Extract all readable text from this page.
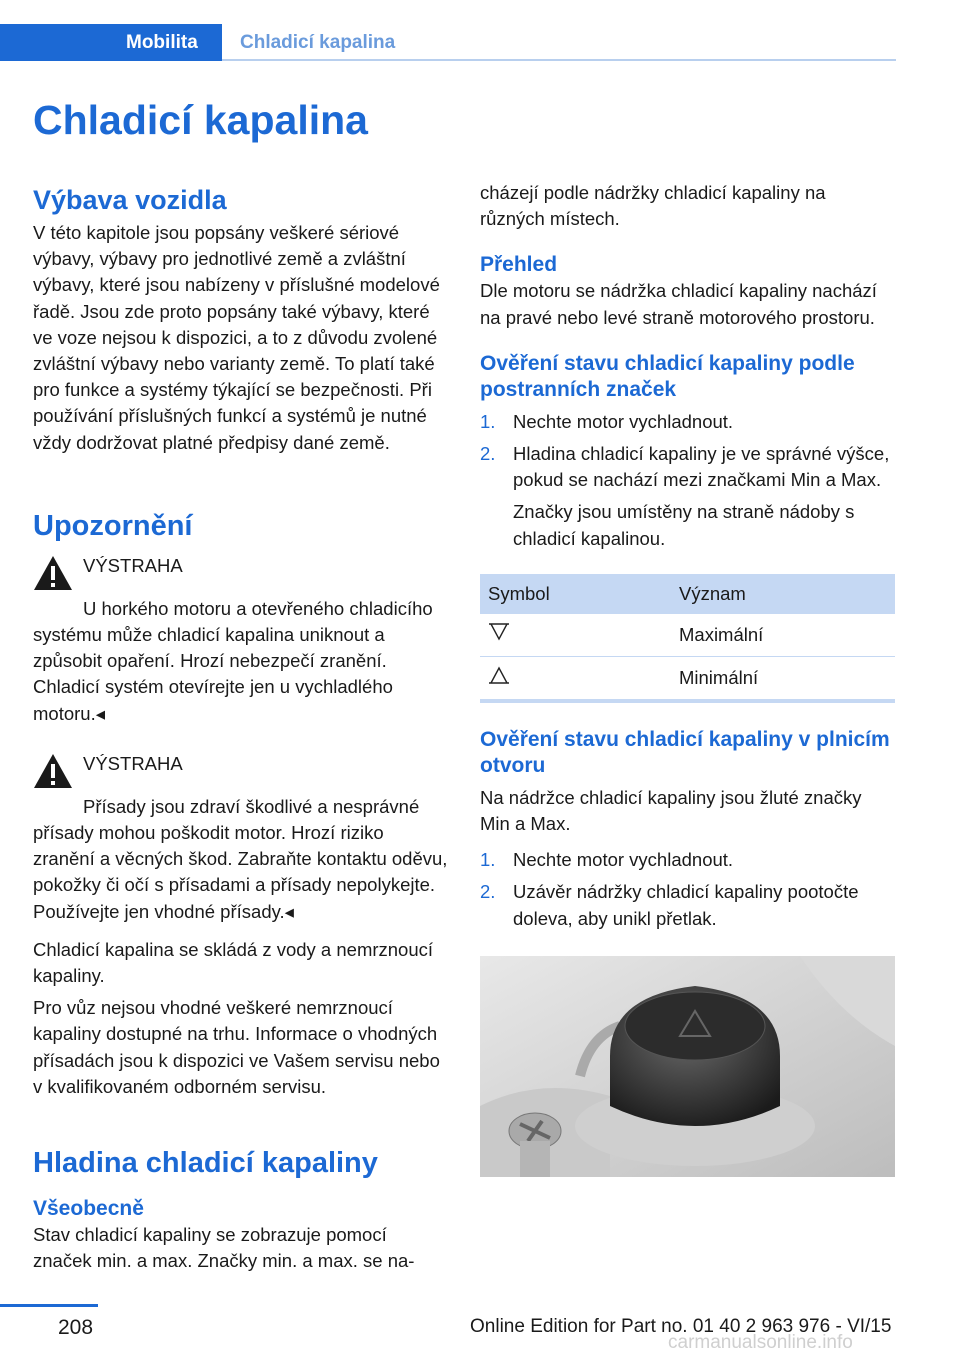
Mobilita	Chladicí kapalina
Chladicí kapalina
Výbava vozidla

V této kapitole jsou popsány veškeré sériové výbavy, výbavy pro jednotlivé země a zvláštní výbavy, které jsou nabízeny v příslušné modelové řadě. Jsou zde proto popsány také výbavy, které ve voze nejsou k dispozici, a to z důvodu zvolené zvláštní výbavy nebo varianty země. To platí také pro funkce a systémy týkající se bezpečnosti. Při používání příslušných funkcí a systémů je nutné vždy dodržovat platné předpisy dané země.

Upozornění

VÝSTRAHA

U horkého motoru a otevřeného chladicího systému může chladicí kapalina uniknout a způsobit opaření. Hrozí nebezpečí zranění. Chladicí systém otevírejte jen u vychladlého motoru.◂

VÝSTRAHA

Přísady jsou zdraví škodlivé a nesprávné přísady mohou poškodit motor. Hrozí riziko zranění a věcných škod. Zabraňte kontaktu oděvu, pokožky či očí s přísadami a přísady nepolykejte. Používejte jen vhodné přísady.◂

Chladicí kapalina se skládá z vody a nemrznoucí kapaliny.

Pro vůz nejsou vhodné veškeré nemrznoucí kapaliny dostupné na trhu. Informace o vhodných přísadách jsou k dispozici ve Vašem servisu nebo v kvalifikovaném odborném servisu.

Hladina chladicí kapaliny
Všeobecně

Stav chladicí kapaliny se zobrazuje pomocí značek min. a max. Značky min. a max. se na-

cházejí podle nádržky chladicí kapaliny na různých místech.

Přehled

Dle motoru se nádržka chladicí kapaliny nachází na pravé nebo levé straně motorového prostoru.

Ověření stavu chladicí kapaliny podle postranních značek
1. Nechte motor vychladnout.
2. Hladina chladicí kapaliny je ve správné výšce, pokud se nachází mezi značkami Min a Max.

Značky jsou umístěny na straně nádoby s chladicí kapalinou.

Symbol	Význam
	Maximální
	Minimální
Ověření stavu chladicí kapaliny v plnicím otvoru

Na nádržce chladicí kapaliny jsou žluté značky Min a Max.

1. Nechte motor vychladnout.
2. Uzávěr nádržky chladicí kapaliny pootočte doleva, aby unikl přetlak.
208	Online Edition for Part no. 01 40 2 963 976 - VI/15
carmanualsonline.info
